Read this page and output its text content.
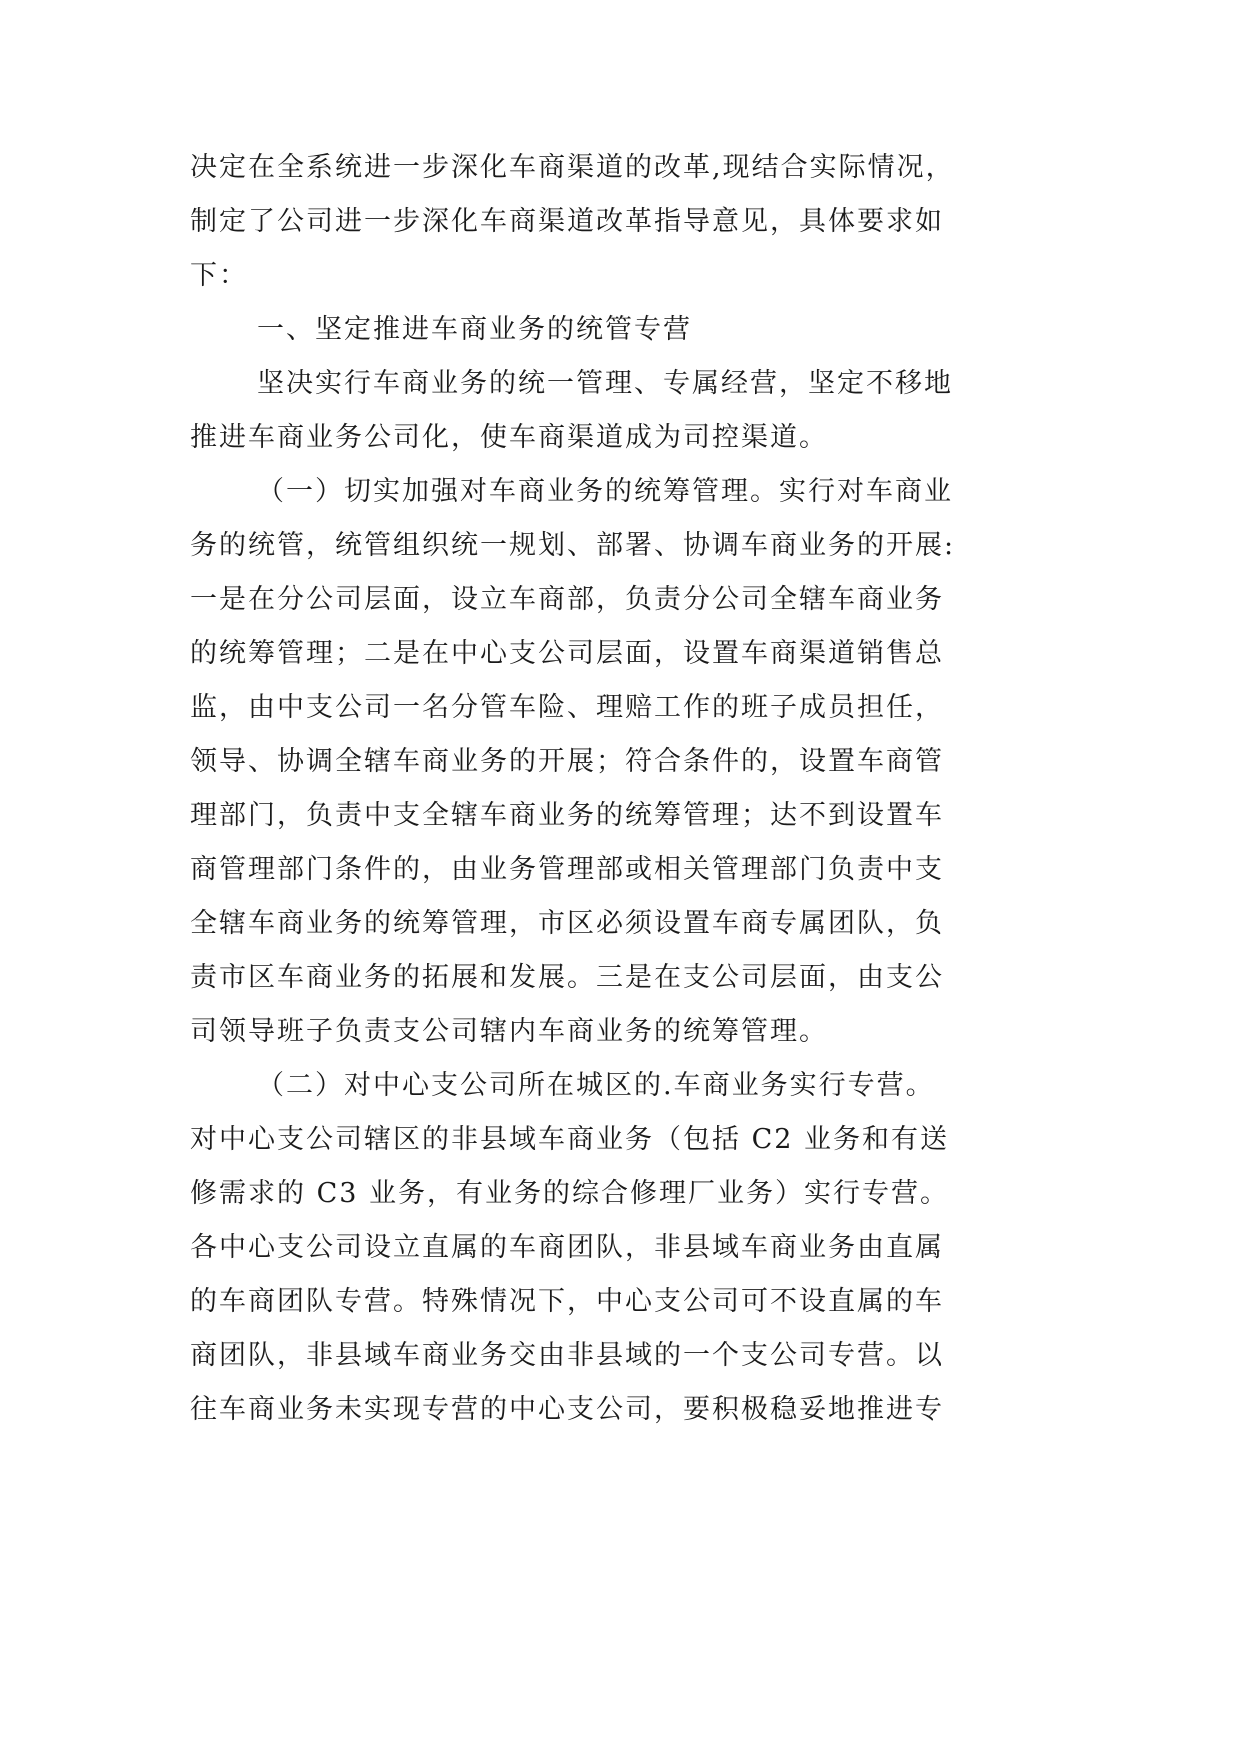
决定在全系统进一步深化车商渠道的改革,现结合实际情况，

制定了公司进一步深化车商渠道改革指导意见，具体要求如

下：

一、坚定推进车商业务的统管专营

坚决实行车商业务的统一管理、专属经营，坚定不移地

推进车商业务公司化，使车商渠道成为司控渠道。

（一）切实加强对车商业务的统筹管理。实行对车商业

务的统管，统管组织统一规划、部署、协调车商业务的开展:

一是在分公司层面，设立车商部，负责分公司全辖车商业务

的统筹管理；二是在中心支公司层面，设置车商渠道销售总

监，由中支公司一名分管车险、理赔工作的班子成员担任，

领导、协调全辖车商业务的开展；符合条件的，设置车商管

理部门，负责中支全辖车商业务的统筹管理；达不到设置车

商管理部门条件的，由业务管理部或相关管理部门负责中支

全辖车商业务的统筹管理，市区必须设置车商专属团队，负

责市区车商业务的拓展和发展。三是在支公司层面，由支公

司领导班子负责支公司辖内车商业务的统筹管理。

（二）对中心支公司所在城区的.车商业务实行专营。

对中心支公司辖区的非县域车商业务（包括 C2 业务和有送

修需求的 C3 业务，有业务的综合修理厂业务）实行专营。

各中心支公司设立直属的车商团队，非县域车商业务由直属

的车商团队专营。特殊情况下，中心支公司可不设直属的车

商团队，非县域车商业务交由非县域的一个支公司专营。以

往车商业务未实现专营的中心支公司，要积极稳妥地推进专
